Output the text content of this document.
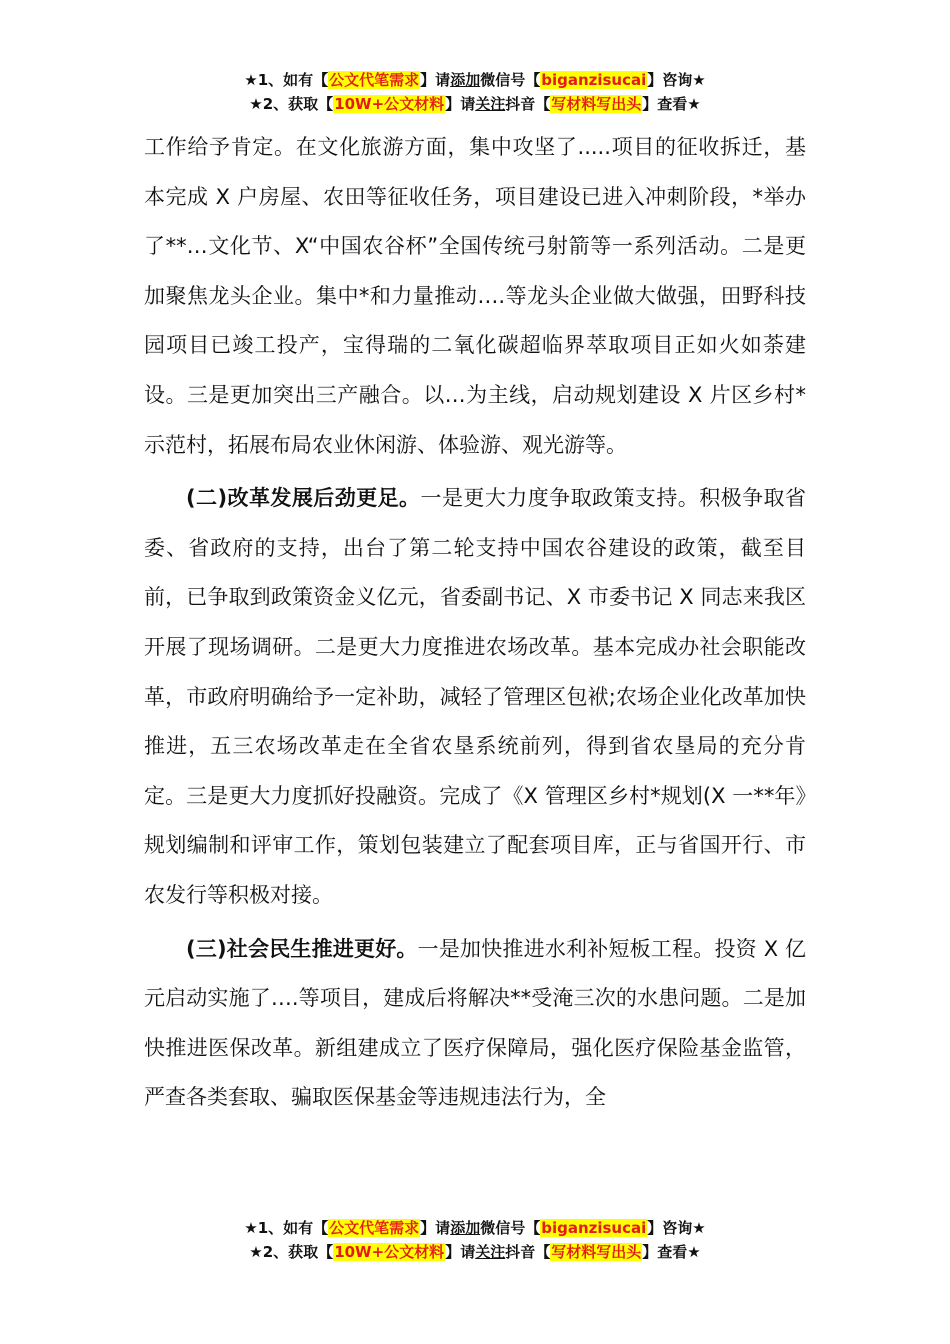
★1、如有【公文代笔需求】请添加微信号【biganzisucai】咨询★
★2、获取【10W+公文材料】请关注抖音【写材料写出头】查看★

工作给予肯定。在文化旅游方面，集中攻坚了.....项目的征收拆迁，基本完成 X 户房屋、农田等征收任务，项目建设已进入冲刺阶段，*举办了**…文化节、X“中国农谷杯”全国传统弓射箭等一系列活动。二是更加聚焦龙头企业。集中*和力量推动….等龙头企业做大做强，田野科技园项目已竣工投产，宝得瑞的二氧化碳超临界萃取项目正如火如荼建设。三是更加突出三产融合。以…为主线，启动规划建设 X 片区乡村*示范村，拓展布局农业休闲游、体验游、观光游等。

(二)改革发展后劲更足。一是更大力度争取政策支持。积极争取省委、省政府的支持，出台了第二轮支持中国农谷建设的政策，截至目前，已争取到政策资金义亿元，省委副书记、X 市委书记 X 同志来我区开展了现场调研。二是更大力度推进农场改革。基本完成办社会职能改革，市政府明确给予一定补助，减轻了管理区包袱;农场企业化改革加快推进，五三农场改革走在全省农垦系统前列，得到省农垦局的充分肯定。三是更大力度抓好投融资。完成了《X 管理区乡村*规划(X 一**年》规划编制和评审工作，策划包装建立了配套项目库，正与省国开行、市农发行等积极对接。

(三)社会民生推进更好。一是加快推进水利补短板工程。投资 X 亿元启动实施了….等项目，建成后将解决**受淹三次的水患问题。二是加快推进医保改革。新组建成立了医疗保障局，强化医疗保险基金监管，严查各类套取、骗取医保基金等违规违法行为，全

★1、如有【公文代笔需求】请添加微信号【biganzisucai】咨询★
★2、获取【10W+公文材料】请关注抖音【写材料写出头】查看★
